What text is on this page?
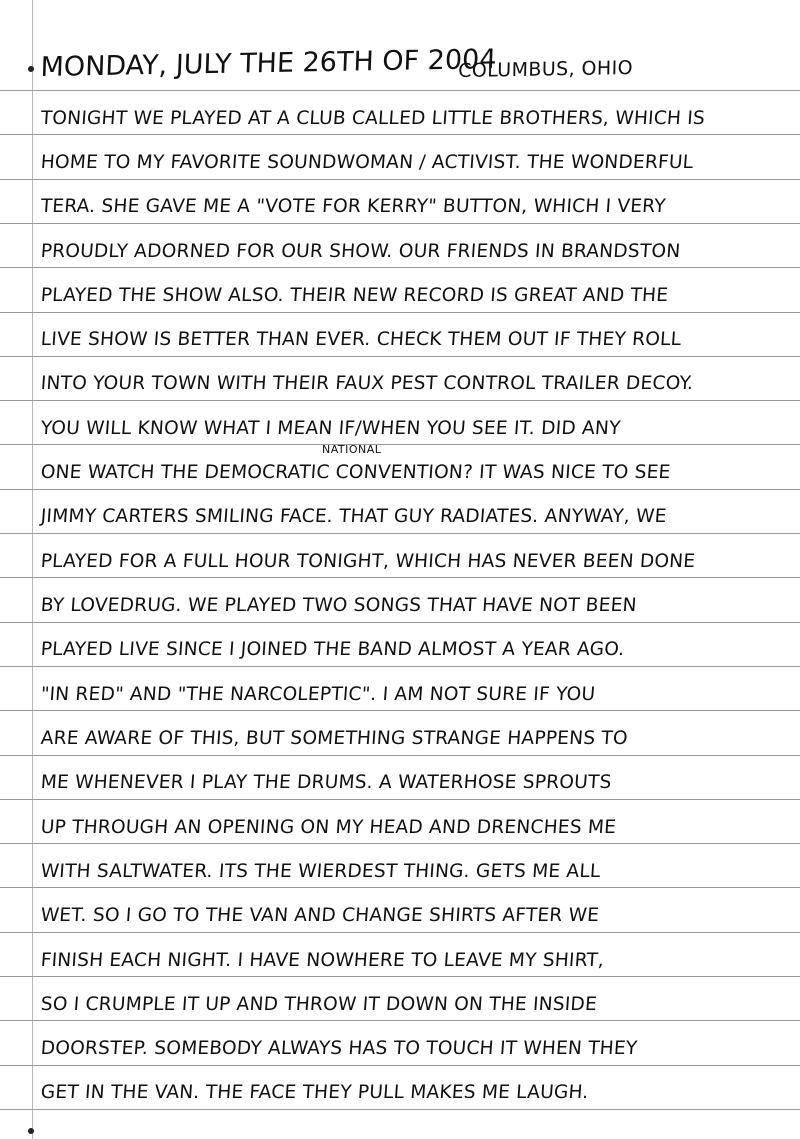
MONDAY, JULY THE 26TH OF 2004
COLUMBUS, OHIO
NATIONAL
TONIGHT WE PLAYED AT A CLUB CALLED LITTLE BROTHERS, WHICH IS
HOME TO MY FAVORITE SOUNDWOMAN / ACTIVIST. THE WONDERFUL
TERA. SHE GAVE ME A "VOTE FOR KERRY" BUTTON, WHICH I VERY
PROUDLY ADORNED FOR OUR SHOW. OUR FRIENDS IN BRANDSTON
PLAYED THE SHOW ALSO. THEIR NEW RECORD IS GREAT AND THE
LIVE SHOW IS BETTER THAN EVER. CHECK THEM OUT IF THEY ROLL
INTO YOUR TOWN WITH THEIR FAUX PEST CONTROL TRAILER DECOY.
YOU WILL KNOW WHAT I MEAN IF/WHEN YOU SEE IT. DID ANY
ONE WATCH THE DEMOCRATIC CONVENTION? IT WAS NICE TO SEE
JIMMY CARTERS SMILING FACE. THAT GUY RADIATES. ANYWAY, WE
PLAYED FOR A FULL HOUR TONIGHT, WHICH HAS NEVER BEEN DONE
BY LOVEDRUG. WE PLAYED TWO SONGS THAT HAVE NOT BEEN
PLAYED LIVE SINCE I JOINED THE BAND ALMOST A YEAR AGO.
"IN RED" AND "THE NARCOLEPTIC". I AM NOT SURE IF YOU
ARE AWARE OF THIS, BUT SOMETHING STRANGE HAPPENS TO
ME WHENEVER I PLAY THE DRUMS. A WATERHOSE SPROUTS
UP THROUGH AN OPENING ON MY HEAD AND DRENCHES ME
WITH SALTWATER. ITS THE WIERDEST THING. GETS ME ALL
WET. SO I GO TO THE VAN AND CHANGE SHIRTS AFTER WE
FINISH EACH NIGHT. I HAVE NOWHERE TO LEAVE MY SHIRT,
SO I CRUMPLE IT UP AND THROW IT DOWN ON THE INSIDE
DOORSTEP. SOMEBODY ALWAYS HAS TO TOUCH IT WHEN THEY
GET IN THE VAN. THE FACE THEY PULL MAKES ME LAUGH.
